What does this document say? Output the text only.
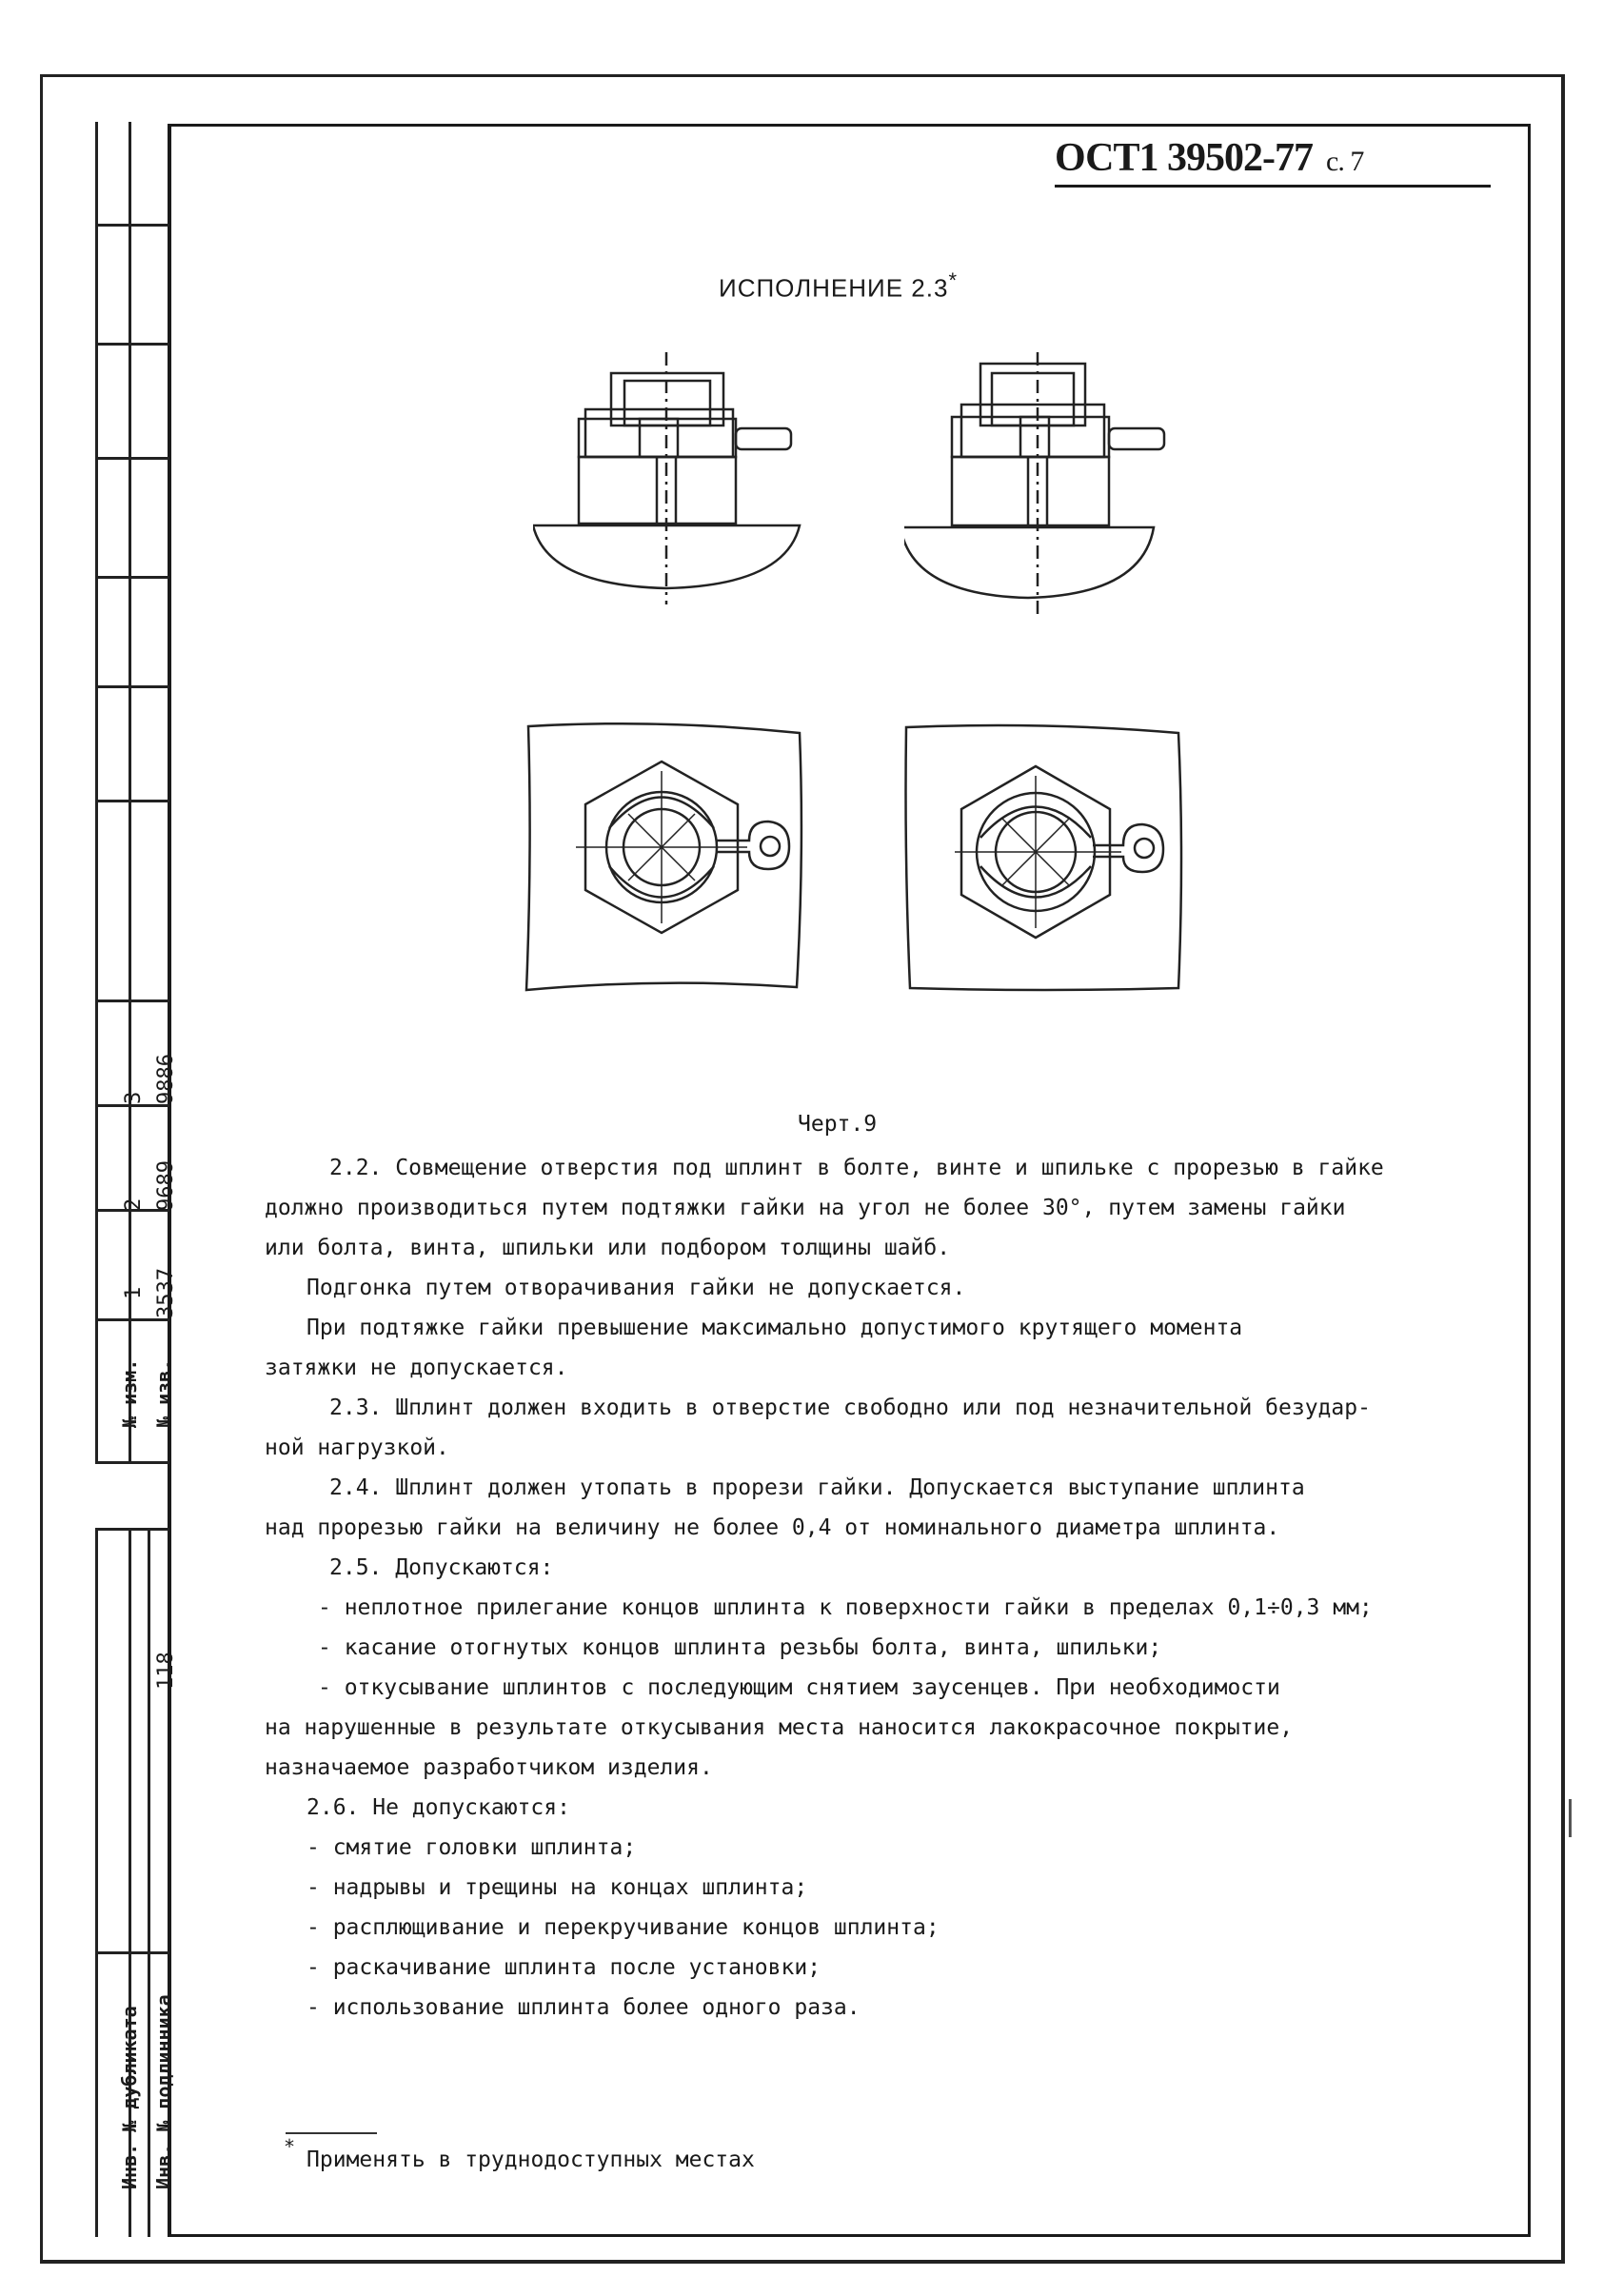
3 9886
2 9689
1 3537
№ изм. № изв.
118
Инв. № дубликата Инв. № подлинника
ОСТ1 39502-77 с. 7
ИСПОЛНЕНИЕ 2.3*
Черт.9

2.2. Совмещение отверстия под шплинт в болте, винте и шпильке с прорезью в гайке

должно производиться путем подтяжки гайки на угол не более 30°, путем замены гайки

или болта, винта, шпильки или подбором толщины шайб.

Подгонка путем отворачивания гайки не допускается.

При подтяжке гайки превышение максимально допустимого крутящего момента

затяжки не допускается.

2.3. Шплинт должен входить в отверстие свободно или под незначительной безудар-

ной нагрузкой.

2.4. Шплинт должен утопать в прорези гайки. Допускается выступание шплинта

над прорезью гайки на величину не более 0,4 от номинального диаметра шплинта.

2.5. Допускаются:

- неплотное прилегание концов шплинта к поверхности гайки в пределах 0,1÷0,3 мм;

- касание отогнутых концов шплинта резьбы болта, винта, шпильки;

- откусывание шплинтов с последующим снятием заусенцев. При необходимости

на нарушенные в результате откусывания места наносится лакокрасочное покрытие,

назначаемое разработчиком изделия.

2.6. Не допускаются:

- смятие головки шплинта;

- надрывы и трещины на концах шплинта;

- расплющивание и перекручивание концов шплинта;

- раскачивание шплинта после установки;

- использование шплинта более одного раза.

*Применять в труднодоступных местах
